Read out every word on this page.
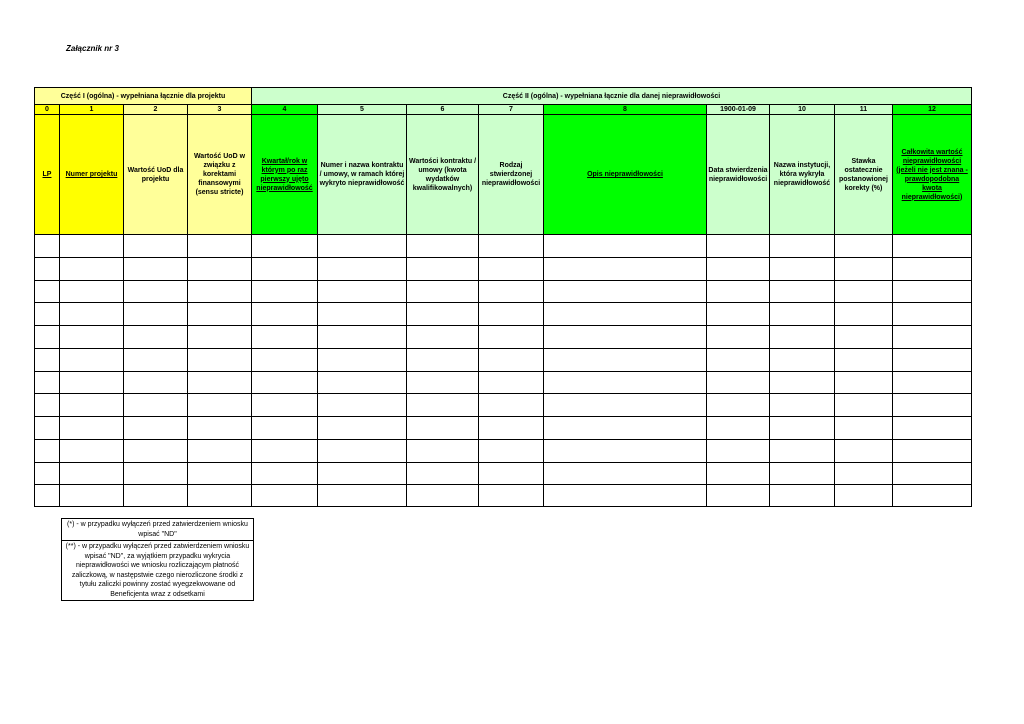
Załącznik nr 3
Część I (ogólna) - wypełniana łącznie dla projektu				Część II (ogólna) - wypełniana łącznie dla danej nieprawidłowości								
0	1	2	3	4	5	6	7	8	1900-01-09	10	11	12
LP	Numer projektu	Wartość UoD dla projektu	Wartość UoD w związku z korektami finansowymi (sensu stricte)	Kwartał/rok w którym po raz pierwszy ujęto nieprawidłowość	Numer i nazwa kontraktu / umowy, w ramach której wykryto nieprawidłowość	Wartości kontraktu / umowy (kwota wydatków kwalifikowalnych)	Rodzaj stwierdzonej nieprawidłowości	Opis nieprawidłowości	Data stwierdzenia nieprawidłowości	Nazwa instytucji, która wykryła nieprawidłowość	Stawka ostatecznie postanowionej korekty (%)	Całkowita wartość nieprawidłowości (jeżeli nie jest znana - prawdopodobna kwota nieprawidłowości)

(*) - w przypadku wyłączeń przed zatwierdzeniem wniosku wpisać "ND"
(**) - w przypadku wyłączeń przed zatwierdzeniem wniosku wpisać "ND", za wyjątkiem przypadku wykrycia nieprawidłowości we wniosku rozliczającym płatność zaliczkową, w następstwie czego nierozliczone środki z tytułu zaliczki powinny zostać wyegzekwowane od Beneficjenta wraz z odsetkami
